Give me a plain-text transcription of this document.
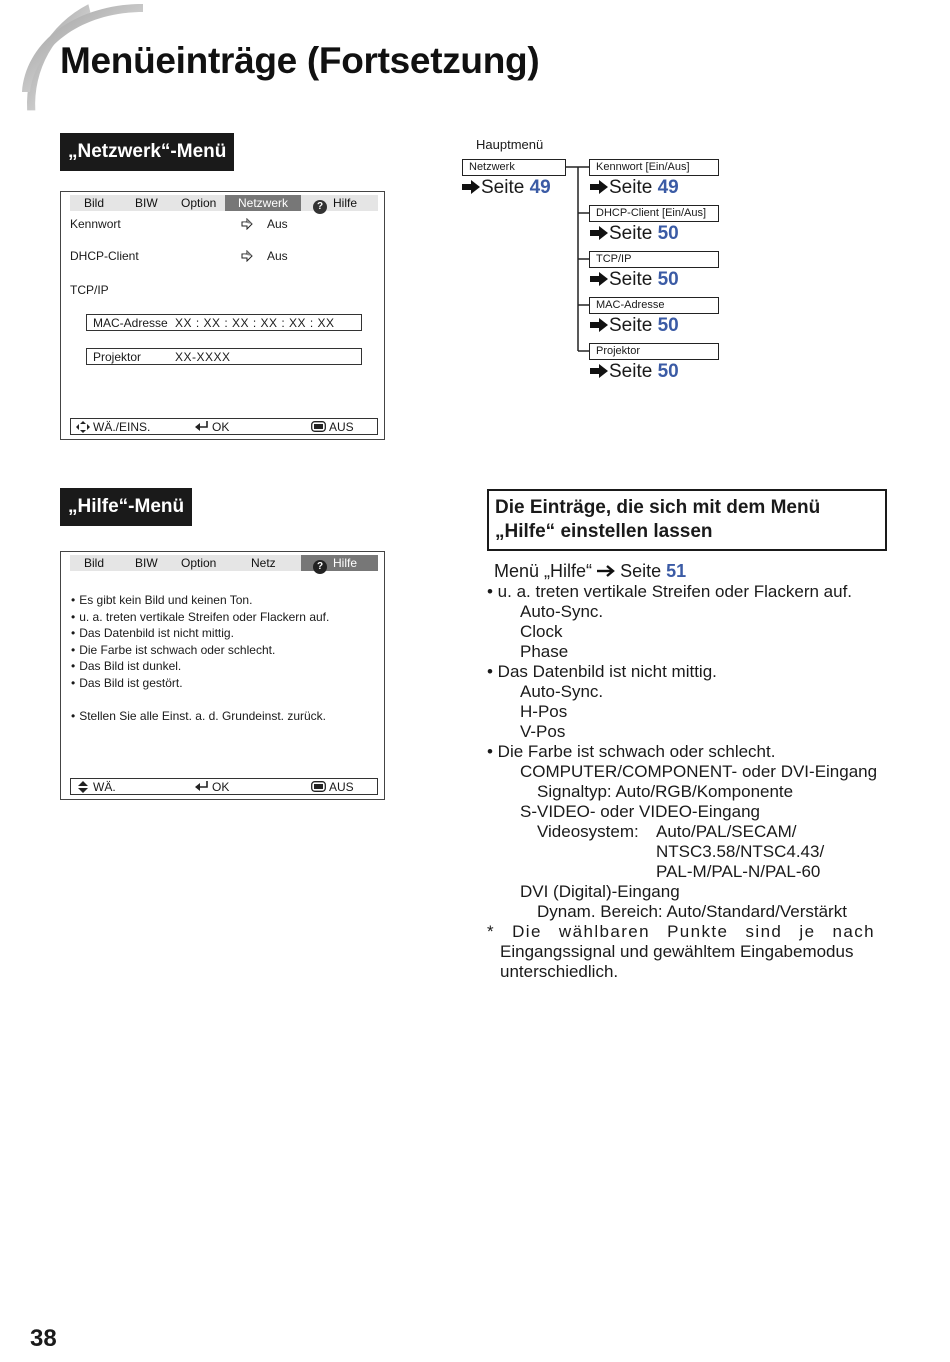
Menüeinträge (Fortsetzung)
„Netzwerk“-Menü
Bild	BIW Option	Netzwerk	? Hilfe
Kennwort	Aus
DHCP-Client	Aus
TCP/IP
MAC-Adresse XX : XX : XX : XX : XX : XX
Projektor	XX-XXXX
WÄ./EINS.	OK	AUS
Hauptmenü
Netzwerk
Seite 49
Kennwort [Ein/Aus]
Seite 49
DHCP-Client [Ein/Aus]
Seite 50
TCP/IP
Seite 50
MAC-Adresse
Seite 50
Projektor
Seite 50
„Hilfe“-Menü
Bild	BIW Option	Netz	? Hilfe
• Es gibt kein Bild und keinen Ton.
• u. a. treten vertikale Streifen oder Flackern auf.
• Das Datenbild ist nicht mittig.
• Die Farbe ist schwach oder schlecht.
• Das Bild ist dunkel.
• Das Bild ist gestört.
• Stellen Sie alle Einst. a. d. Grundeinst. zurück.
WÄ.	OK	AUS
Die Einträge, die sich mit dem Menü
„Hilfe“ einstellen lassen
Menü „Hilfe“ Seite 51
• u. a. treten vertikale Streifen oder Flackern auf.
Auto-Sync.
Clock
Phase
• Das Datenbild ist nicht mittig.
Auto-Sync.
H-Pos
V-Pos
• Die Farbe ist schwach oder schlecht.
COMPUTER/COMPONENT- oder DVI-Eingang
Signaltyp: Auto/RGB/Komponente
S-VIDEO- oder VIDEO-Eingang
Videosystem: Auto/PAL/SECAM/
NTSC3.58/NTSC4.43/
PAL-M/PAL-N/PAL-60
DVI (Digital)-Eingang
Dynam. Bereich: Auto/Standard/Verstärkt
* Die wählbaren Punkte sind je nach
Eingangssignal und gewähltem Eingabemodus
unterschiedlich.
38
